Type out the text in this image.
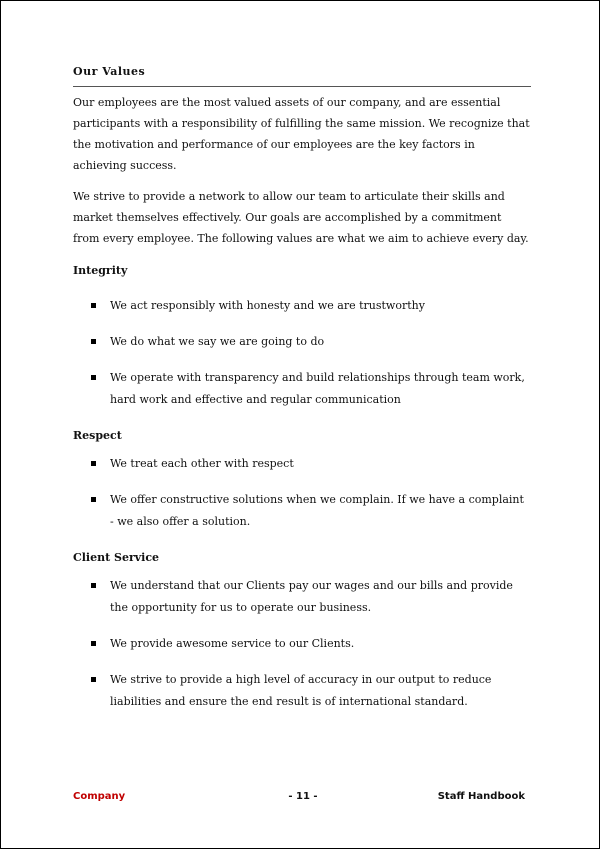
Our Values

Our employees are the most valued assets of our company, and are essential participants with a responsibility of fulfilling the same mission. We recognize that the motivation and performance of our employees are the key factors in achieving success.

We strive to provide a network to allow our team to articulate their skills and market themselves effectively. Our goals are accomplished by a commitment from every employee. The following values are what we aim to achieve every day.

Integrity
We act responsibly with honesty and we are trustworthy
We do what we say we are going to do
We operate with transparency and build relationships through team work, hard work and effective and regular communication
Respect
We treat each other with respect
We offer constructive solutions when we complain. If we have a complaint - we also offer a solution.
Client Service
We understand that our Clients pay our wages and our bills and provide the opportunity for us to operate our business.
We provide awesome service to our Clients.
We strive to provide a high level of accuracy in our output to reduce liabilities and ensure the end result is of international standard.
Company	- 11 -	Staff Handbook
